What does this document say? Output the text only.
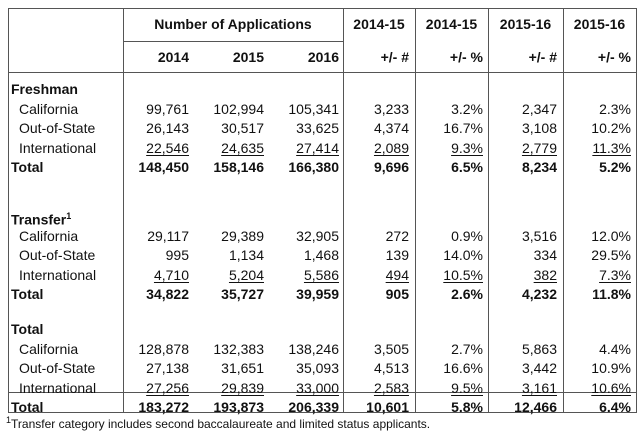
Number of Applications
2014	2015	2016
2014-15	2014-15	2015-16	2015-16
+/- #	+/- %	+/- #	+/- %
Freshman
California	99,761	102,994	105,341	3,233	3.2%	2,347	2.3%
Out-of-State	26,143	30,517	33,625	4,374	16.7%	3,108	10.2%
International	22,546	24,635	27,414	2,089	9.3%	2,779	11.3%
Total	148,450	158,146	166,380	9,696	6.5%	8,234	5.2%
Transfer$^1$
California	29,117	29,389	32,905	272	0.9%	3,516	12.0%
Out-of-State	995	1,134	1,468	139	14.0%	334	29.5%
International	4,710	5,204	5,586	494	10.5%	382	7.3%
Total	34,822	35,727	39,959	905	2.6%	4,232	11.8%
Total
California	128,878	132,383	138,246	3,505	2.7%	5,863	4.4%
Out-of-State	27,138	31,651	35,093	4,513	16.6%	3,442	10.9%
International	27,256	29,839	33,000	2,583	9.5%	3,161	10.6%
Total	183,272	193,873	206,339	10,601	5.8%	12,466	6.4%
$^1$Transfer category includes second baccalaureate and limited status applicants.
